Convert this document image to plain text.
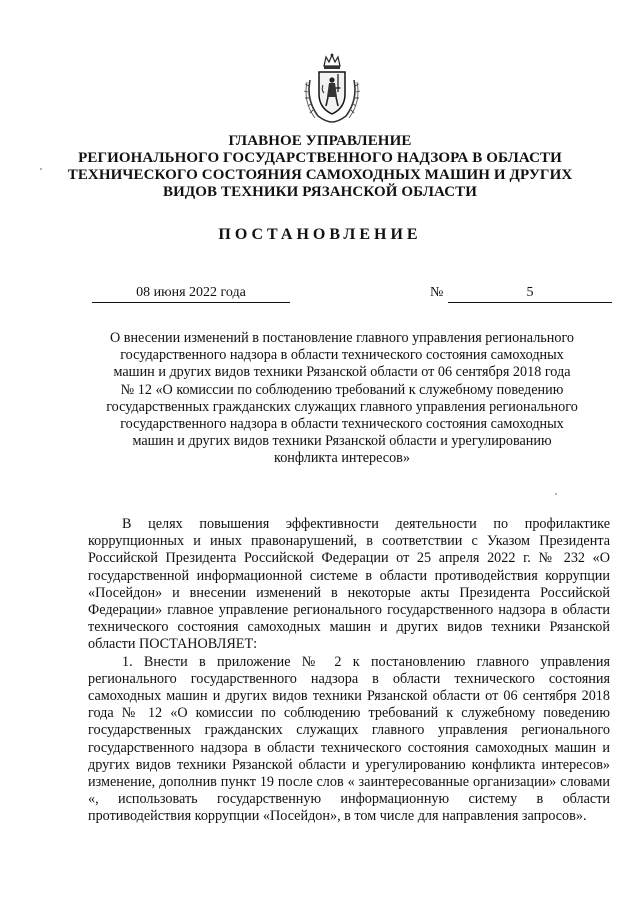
ГЛАВНОЕ УПРАВЛЕНИЕ
РЕГИОНАЛЬНОГО ГОСУДАРСТВЕННОГО НАДЗОРА В ОБЛАСТИ
ТЕХНИЧЕСКОГО СОСТОЯНИЯ САМОХОДНЫХ МАШИН И ДРУГИХ
ВИДОВ ТЕХНИКИ РЯЗАНСКОЙ ОБЛАСТИ
ПОСТАНОВЛЕНИЕ
08 июня 2022 года	№	5
О внесении изменений в постановление главного управления регионального
государственного надзора в области технического состояния самоходных
машин и других видов техники Рязанской области от 06 сентября 2018 года
№ 12 «О комиссии по соблюдению требований к служебному поведению
государственных гражданских служащих главного управления регионального
государственного надзора в области технического состояния самоходных
машин и других видов техники Рязанской области и урегулированию
конфликта интересов»

В целях повышения эффективности деятельности по профилактике коррупционных и иных правонарушений, в соответствии с Указом Президента Российской Президента Российской Федерации от 25 апреля 2022 г. № 232 «О государственной информационной системе в области противодействия коррупции «Посейдон» и внесении изменений в некоторые акты Президента Российской Федерации» главное управление регионального государственного надзора в области технического состояния самоходных машин и других видов техники Рязанской области ПОСТАНОВЛЯЕТ:

1. Внести в приложение № 2 к постановлению главного управления регионального государственного надзора в области технического состояния самоходных машин и других видов техники Рязанской области от 06 сентября 2018 года № 12 «О комиссии по соблюдению требований к служебному поведению государственных гражданских служащих главного управления регионального государственного надзора в области технического состояния самоходных машин и других видов техники Рязанской области и урегулированию конфликта интересов» изменение, дополнив пункт 19 после слов « заинтересованные организации» словами «, использовать государственную информационную систему в области противодействия коррупции «Посейдон», в том числе для направления запросов».
